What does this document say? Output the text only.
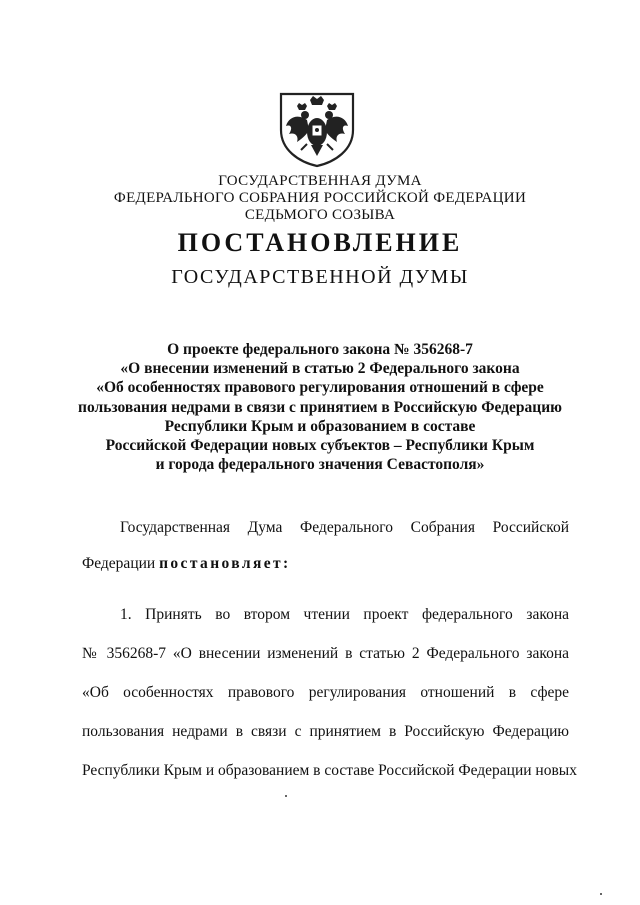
ГОСУДАРСТВЕННАЯ ДУМА
ФЕДЕРАЛЬНОГО СОБРАНИЯ РОССИЙСКОЙ ФЕДЕРАЦИИ
СЕДЬМОГО СОЗЫВА
ПОСТАНОВЛЕНИЕ
ГОСУДАРСТВЕННОЙ ДУМЫ
О проекте федерального закона № 356268-7
«О внесении изменений в статью 2 Федерального закона
«Об особенностях правового регулирования отношений в сфере
пользования недрами в связи с принятием в Российскую Федерацию
Республики Крым и образованием в составе
Российской Федерации новых субъектов – Республики Крым
и города федерального значения Севастополя»
Государственная Дума Федерального Собрания Российской
Федерации постановляет:
1. Принять во втором чтении проект федерального закона
№ 356268-7 «О внесении изменений в статью 2 Федерального закона
«Об особенностях правового регулирования отношений в сфере
пользования недрами в связи с принятием в Российскую Федерацию
Республики Крым и образованием в составе Российской Федерации новых
